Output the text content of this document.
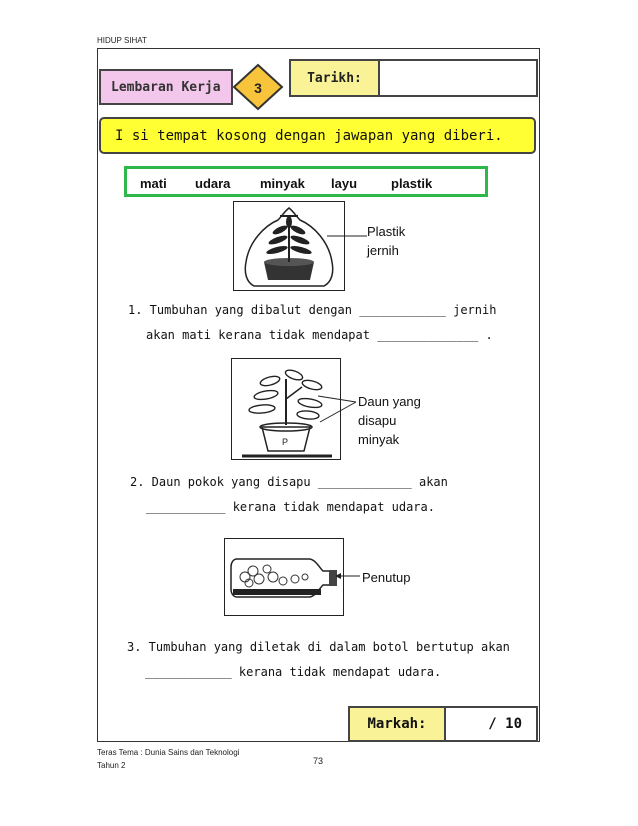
HIDUP SIHAT
Lembaran Kerja	3
Tarikh:
I si tempat kosong dengan jawapan yang diberi.
mati udara minyak layu	plastik
Plastik
jernih
1. Tumbuhan yang dibalut dengan ____________ jernih
akan mati kerana tidak mendapat ______________ .
P
Daun yang
disapu
minyak
2. Daun pokok yang disapu _____________ akan
___________ kerana tidak mendapat udara.
Penutup
3. Tumbuhan yang diletak di dalam botol bertutup akan
____________ kerana tidak mendapat udara.
Markah:	/ 10
Teras Tema : Dunia Sains dan Teknologi
Tahun 2	73
